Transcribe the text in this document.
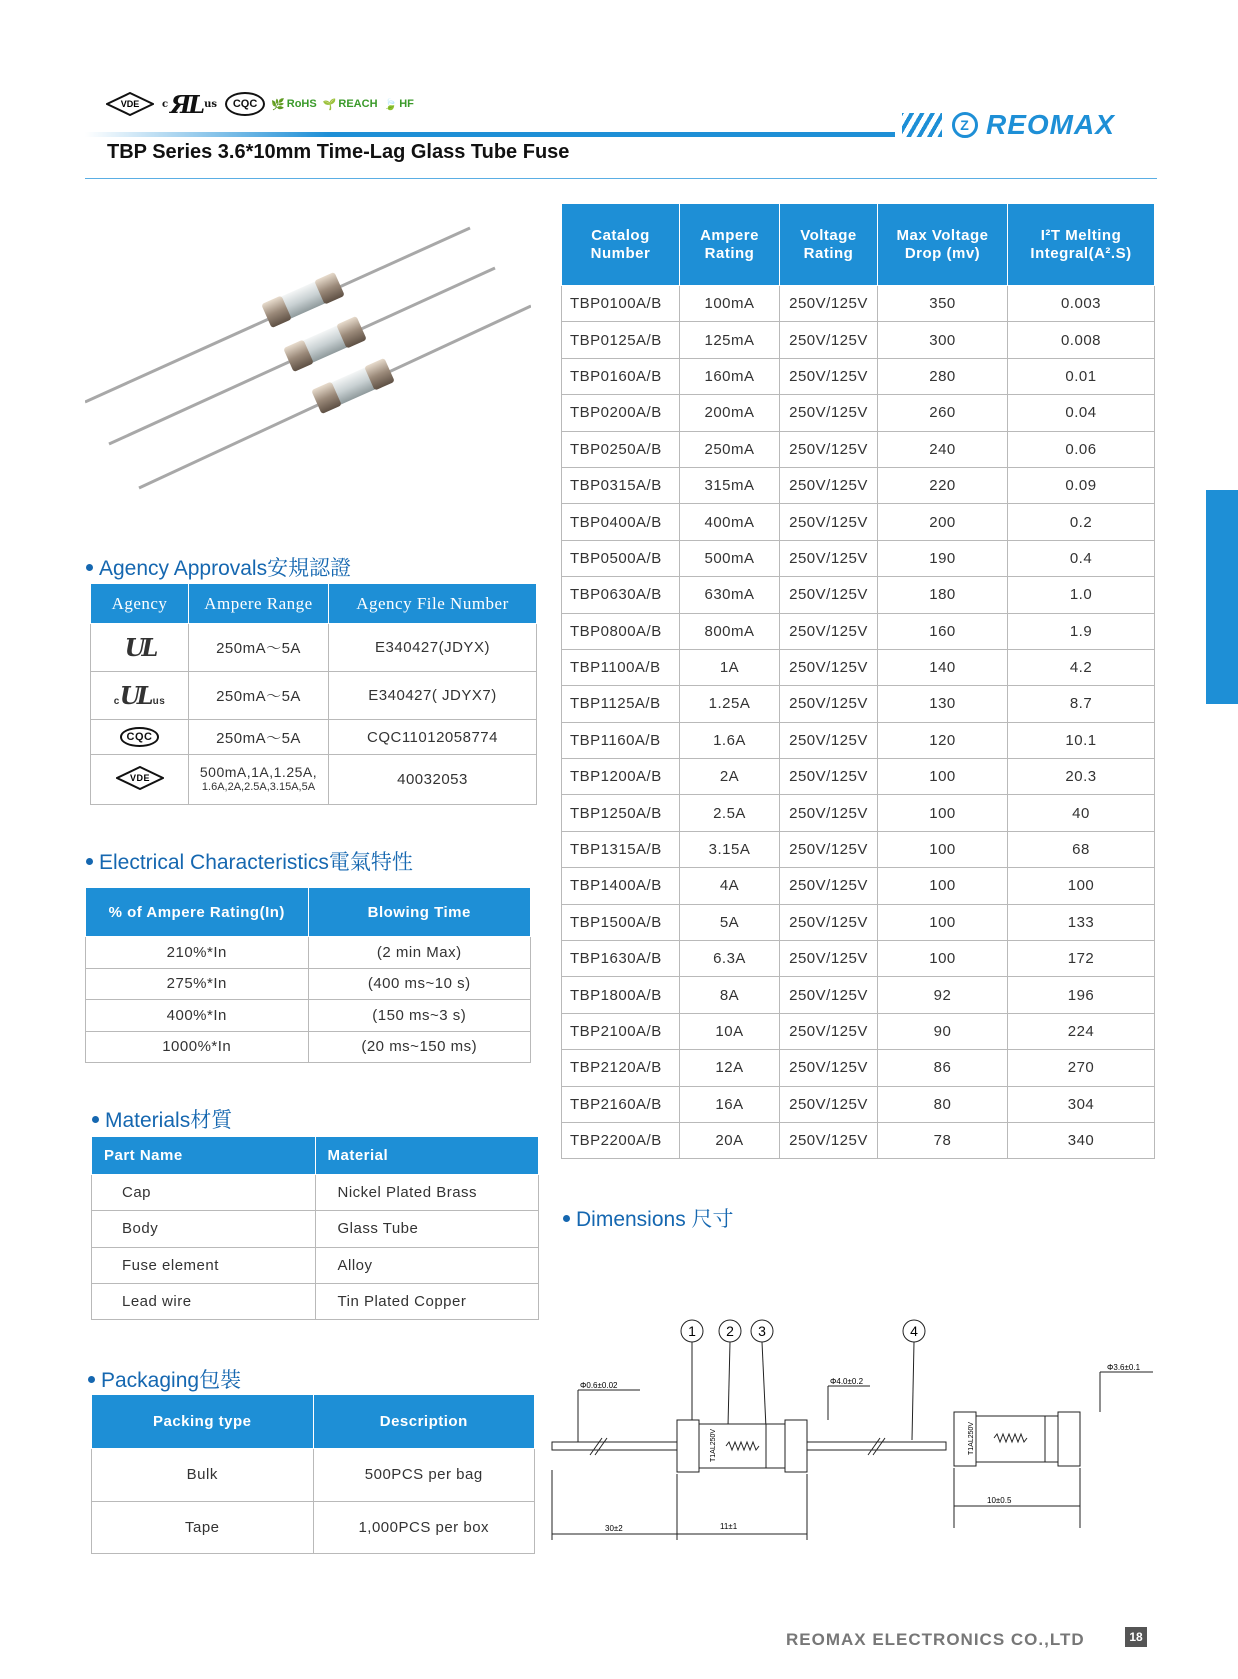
VDE c ЯL us	CQC	🌿 RoHS 🌱 REACH 🍃 HF
Z REOMAX
TBP Series 3.6*10mm Time-Lag Glass Tube Fuse
Catalog Number	Ampere Rating	Voltage Rating	Max Voltage Drop (mv)	I²T Melting Integral(A².S)
TBP0100A/B	100mA	250V/125V	350	0.003
TBP0125A/B	125mA	250V/125V	300	0.008
TBP0160A/B	160mA	250V/125V	280	0.01
TBP0200A/B	200mA	250V/125V	260	0.04
TBP0250A/B	250mA	250V/125V	240	0.06
TBP0315A/B	315mA	250V/125V	220	0.09
TBP0400A/B	400mA	250V/125V	200	0.2
TBP0500A/B	500mA	250V/125V	190	0.4
TBP0630A/B	630mA	250V/125V	180	1.0
TBP0800A/B	800mA	250V/125V	160	1.9
TBP1100A/B	1A	250V/125V	140	4.2
TBP1125A/B	1.25A	250V/125V	130	8.7
TBP1160A/B	1.6A	250V/125V	120	10.1
TBP1200A/B	2A	250V/125V	100	20.3
TBP1250A/B	2.5A	250V/125V	100	40
TBP1315A/B	3.15A	250V/125V	100	68
TBP1400A/B	4A	250V/125V	100	100
TBP1500A/B	5A	250V/125V	100	133
TBP1630A/B	6.3A	250V/125V	100	172
TBP1800A/B	8A	250V/125V	92	196
TBP2100A/B	10A	250V/125V	90	224
TBP2120A/B	12A	250V/125V	86	270
TBP2160A/B	16A	250V/125V	80	304
TBP2200A/B	20A	250V/125V	78	340
Agency Approvals安規認證
Agency	Ampere Range	Agency File Number
UL	250mA～5A	E340427(JDYX)
cUL us	250mA～5A	E340427( JDYX7)
CQC	250mA～5A	CQC11012058774

VDE	500mA,1A,1.25A,
1.6A,2A,2.5A,3.15A,5A	40032053
Electrical Characteristics電氣特性
% of Ampere Rating(In)	Blowing Time
210%*In	(2 min Max)
275%*In	(400 ms~10 s)
400%*In	(150 ms~3 s)
1000%*In	(20 ms~150 ms)
Materials材質
Part Name	Material
Cap	Nickel Plated Brass
Body	Glass Tube
Fuse element	Alloy
Lead wire	Tin Plated Copper
Packaging包裝
Packing type	Description
Bulk	500PCS per bag
Tape	1,000PCS per box
Dimensions 尺寸
1 2 3	4
T1AL250V
Φ0.6±0.02	Φ4.0±0.2
30±2	11±1
T1AL250V
Φ3.6±0.1
10±0.5
REOMAX ELECTRONICS CO.,LTD	18
